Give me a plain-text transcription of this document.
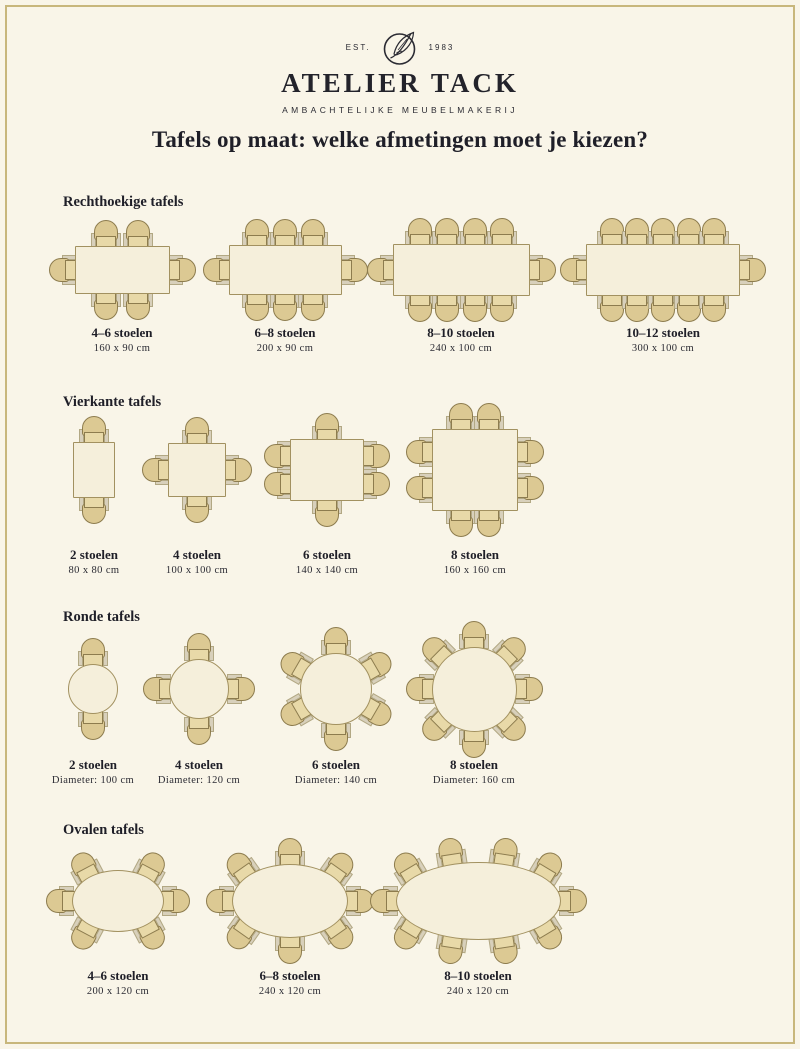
EST.	1983
ATELIER TACK
AMBACHTELIJKE MEUBELMAKERIJ
Tafels op maat: welke afmetingen moet je kiezen?
Rechthoekige tafels
4–6 stoelen
160 x 90 cm
6–8 stoelen
200 x 90 cm
8–10 stoelen
240 x 100 cm
10–12 stoelen
300 x 100 cm
Vierkante tafels
2 stoelen
80 x 80 cm
4 stoelen
100 x 100 cm
6 stoelen
140 x 140 cm
8 stoelen
160 x 160 cm
Ronde tafels
2 stoelen
Diameter: 100 cm
4 stoelen
Diameter: 120 cm
6 stoelen
Diameter: 140 cm
8 stoelen
Diameter: 160 cm
Ovalen tafels
4–6 stoelen
200 x 120 cm
6–8 stoelen
240 x 120 cm
8–10 stoelen
240 x 120 cm
